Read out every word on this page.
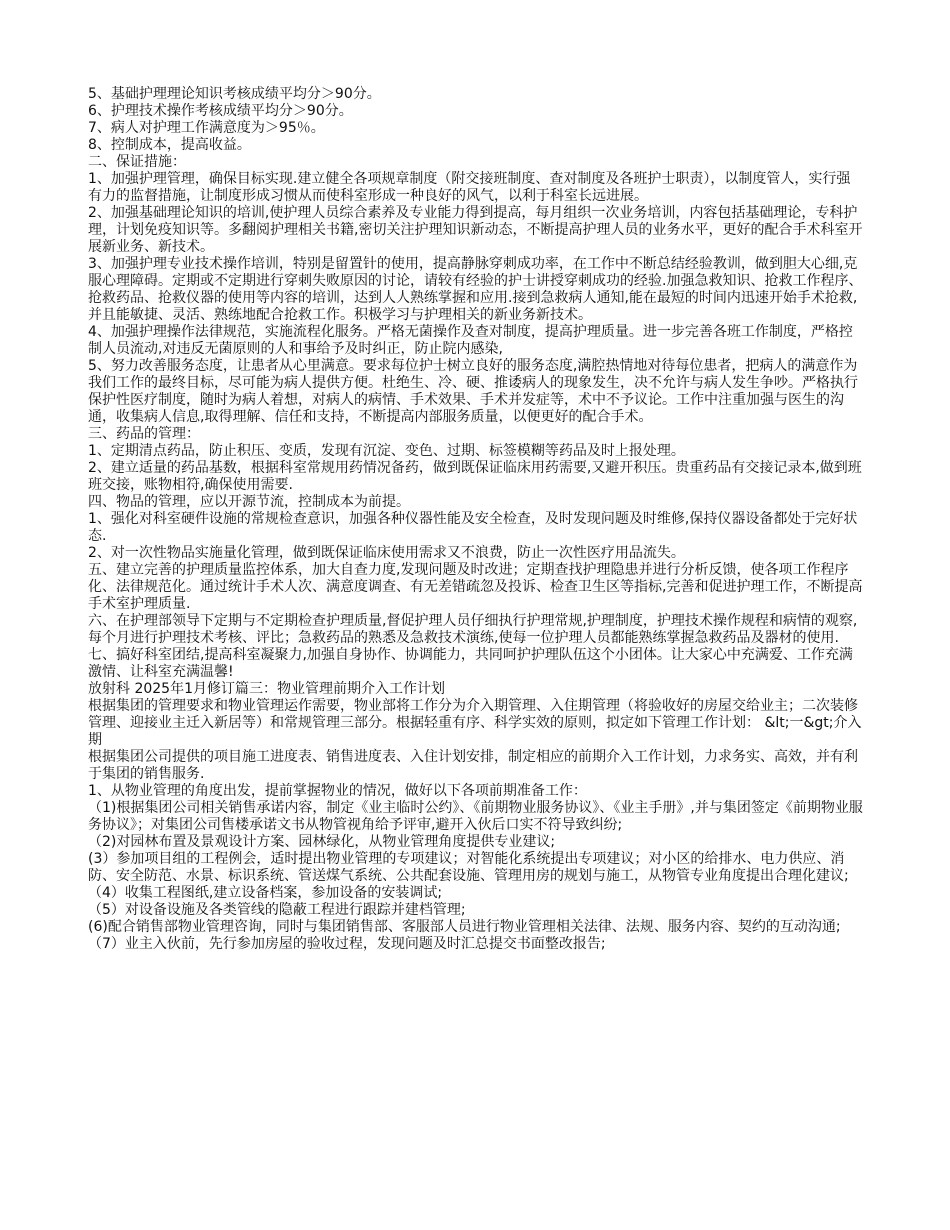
5、基础护理理论知识考核成绩平均分＞90分。

6、护理技术操作考核成绩平均分＞90分。

7、病人对护理工作满意度为＞95％。

8、控制成本，提高收益。

二、保证措施：

1、加强护理管理，确保目标实现.建立健全各项规章制度（附交接班制度、查对制度及各班护士职责），以制度管人，实行强有力的监督措施，让制度形成习惯从而使科室形成一种良好的风气，以利于科室长远进展。

2、加强基础理论知识的培训,使护理人员综合素养及专业能力得到提高，每月组织一次业务培训，内容包括基础理论，专科护理，计划免疫知识等。多翻阅护理相关书籍,密切关注护理知识新动态，不断提高护理人员的业务水平，更好的配合手术科室开展新业务、新技术。

3、加强护理专业技术操作培训，特别是留置针的使用，提高静脉穿刺成功率，在工作中不断总结经验教训，做到胆大心细,克服心理障碍。定期或不定期进行穿刺失败原因的讨论，请较有经验的护士讲授穿刺成功的经验.加强急救知识、抢救工作程序、抢救药品、抢救仪器的使用等内容的培训，达到人人熟练掌握和应用.接到急救病人通知,能在最短的时间内迅速开始手术抢救,并且能敏捷、灵活、熟练地配合抢救工作。积极学习与护理相关的新业务新技术。

4、加强护理操作法律规范，实施流程化服务。严格无菌操作及查对制度，提高护理质量。进一步完善各班工作制度，严格控制人员流动,对违反无菌原则的人和事给予及时纠正，防止院内感染,

5、努力改善服务态度，让患者从心里满意。要求每位护士树立良好的服务态度,满腔热情地对待每位患者，把病人的满意作为我们工作的最终目标，尽可能为病人提供方便。杜绝生、冷、硬、推诿病人的现象发生，决不允许与病人发生争吵。严格执行保护性医疗制度，随时为病人着想，对病人的病情、手术效果、手术并发症等，术中不予议论。工作中注重加强与医生的沟通，收集病人信息,取得理解、信任和支持，不断提高内部服务质量，以便更好的配合手术。

三、药品的管理：

1、定期清点药品，防止积压、变质，发现有沉淀、变色、过期、标签模糊等药品及时上报处理。

2、建立适量的药品基数，根据科室常规用药情况备药，做到既保证临床用药需要,又避开积压。贵重药品有交接记录本,做到班班交接，账物相符,确保使用需要.

四、物品的管理，应以开源节流，控制成本为前提。

1、强化对科室硬件设施的常规检查意识，加强各种仪器性能及安全检查，及时发现问题及时维修,保持仪器设备都处于完好状态.

2、对一次性物品实施量化管理，做到既保证临床使用需求又不浪费，防止一次性医疗用品流失。

五、建立完善的护理质量监控体系，加大自查力度,发现问题及时改进；定期查找护理隐患并进行分析反馈，使各项工作程序化、法律规范化。通过统计手术人次、满意度调查、有无差错疏忽及投诉、检查卫生区等指标,完善和促进护理工作，不断提高手术室护理质量.

六、在护理部领导下定期与不定期检查护理质量,督促护理人员仔细执行护理常规,护理制度，护理技术操作规程和病情的观察,每个月进行护理技术考核、评比；急救药品的熟悉及急救技术演练,使每一位护理人员都能熟练掌握急救药品及器材的使用.

七、搞好科室团结,提高科室凝聚力,加强自身协作、协调能力，共同呵护护理队伍这个小团体。让大家心中充满爱、工作充满激情、让科室充满温馨!

放射科 2025年1月修订篇三：物业管理前期介入工作计划

根据集团的管理要求和物业管理运作需要，物业部将工作分为介入期管理、入住期管理（将验收好的房屋交给业主；二次装修管理、迎接业主迁入新居等）和常规管理三部分。根据轻重有序、科学实效的原则，拟定如下管理工作计划： &lt;一&gt;介入期

根据集团公司提供的项目施工进度表、销售进度表、入住计划安排，制定相应的前期介入工作计划，力求务实、高效，并有利于集团的销售服务.

1、从物业管理的角度出发，提前掌握物业的情况，做好以下各项前期准备工作：

（1)根据集团公司相关销售承诺内容，制定《业主临时公约》、《前期物业服务协议》、《业主手册》,并与集团签定《前期物业服务协议》；对集团公司售楼承诺文书从物管视角给予评审,避开入伙后口实不符导致纠纷;

（2)对园林布置及景观设计方案、园林绿化，从物业管理角度提供专业建议;

(3）参加项目组的工程例会，适时提出物业管理的专项建议；对智能化系统提出专项建议；对小区的给排水、电力供应、消防、安全防范、水景、标识系统、管送煤气系统、公共配套设施、管理用房的规划与施工，从物管专业角度提出合理化建议;

（4）收集工程图纸,建立设备档案，参加设备的安装调试;

（5）对设备设施及各类管线的隐蔽工程进行跟踪并建档管理;

(6)配合销售部物业管理咨询，同时与集团销售部、客服部人员进行物业管理相关法律、法规、服务内容、契约的互动沟通;

（7）业主入伙前，先行参加房屋的验收过程，发现问题及时汇总提交书面整改报告;
